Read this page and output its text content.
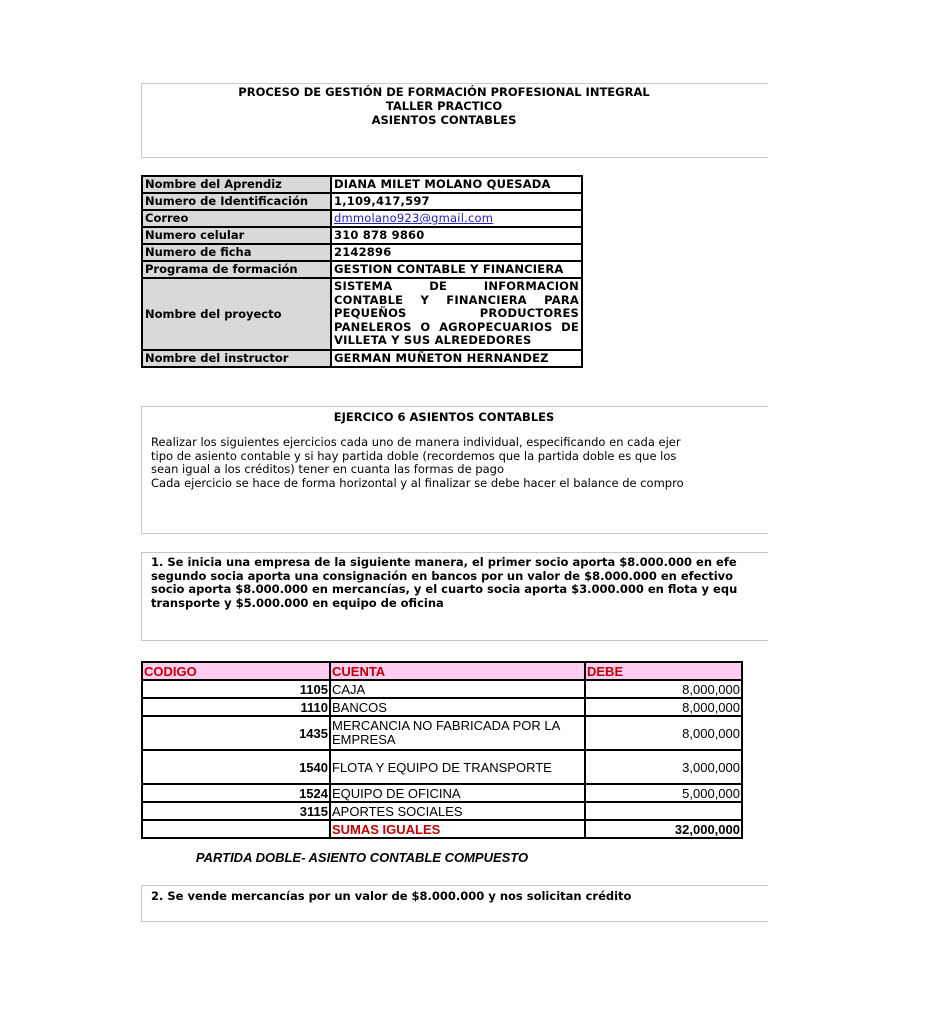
PROCESO DE GESTIÓN DE FORMACIÓN PROFESIONAL INTEGRAL
TALLER PRACTICO
ASIENTOS CONTABLES
Nombre del Aprendiz	DIANA MILET MOLANO QUESADA
Numero de Identificación	1,109,417,597
Correo	dmmolano923@gmail.com
Numero celular	310 878 9860
Numero de ficha	2142896
Programa de formación	GESTION CONTABLE Y FINANCIERA
Nombre del proyecto	SISTEMA DE INFORMACION CONTABLE Y FINANCIERA PARA PEQUEÑOS PRODUCTORES PANELEROS O AGROPECUARIOS DE VILLETA Y SUS ALREDEDORES
Nombre del instructor	GERMAN MUÑETON HERNANDEZ
EJERCICO 6 ASIENTOS CONTABLES
Realizar los siguientes ejercicios cada uno de manera individual, especificando en cada ejer
tipo de asiento contable y si hay partida doble (recordemos que la partida doble es que los
sean igual a los créditos) tener en cuanta las formas de pago
Cada ejercicio se hace de forma horizontal y al finalizar se debe hacer el balance de compro
1. Se inicia una empresa de la siguiente manera, el primer socio aporta $8.000.000 en efe
segundo socia aporta una consignación en bancos por un valor de $8.000.000 en efectivo
socio aporta $8.000.000 en mercancías, y el cuarto socia aporta $3.000.000 en flota y equ
transporte y $5.000.000 en equipo de oficina
CODIGO	CUENTA	DEBE
1105	CAJA	8,000,000
1110	BANCOS	8,000,000
1435	MERCANCIA NO FABRICADA POR LA EMPRESA	8,000,000
1540	FLOTA Y EQUIPO DE TRANSPORTE	3,000,000
1524	EQUIPO DE OFICINA	5,000,000
3115	APORTES SOCIALES	
	SUMAS IGUALES	32,000,000
PARTIDA DOBLE- ASIENTO CONTABLE COMPUESTO
2. Se vende mercancías por un valor de $8.000.000 y nos solicitan crédito
